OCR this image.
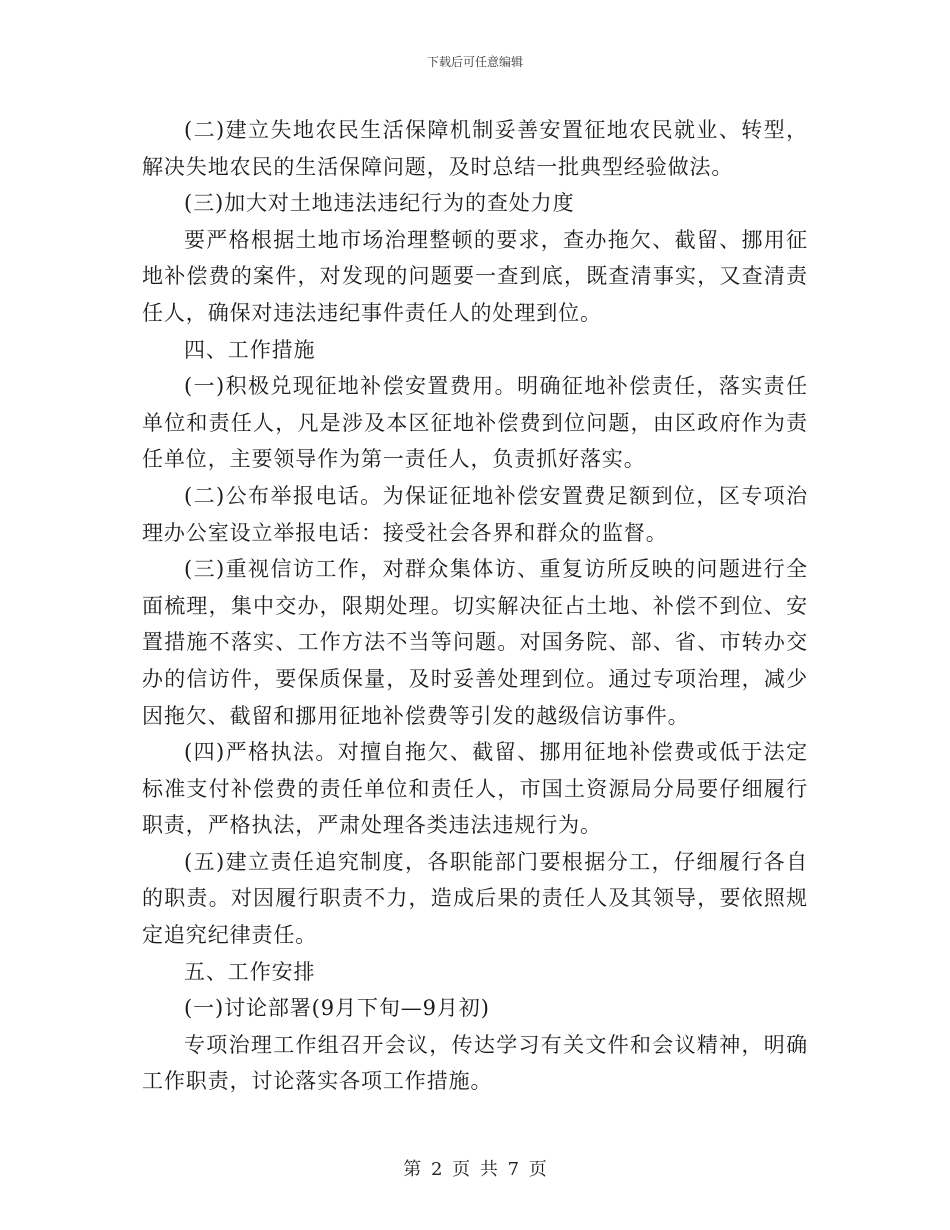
下载后可任意编辑

(二)建立失地农民生活保障机制妥善安置征地农民就业、转型，解决失地农民的生活保障问题，及时总结一批典型经验做法。

(三)加大对土地违法违纪行为的查处力度

要严格根据土地市场治理整顿的要求，查办拖欠、截留、挪用征地补偿费的案件，对发现的问题要一查到底，既查清事实，又查清责任人，确保对违法违纪事件责任人的处理到位。

四、工作措施

(一)积极兑现征地补偿安置费用。明确征地补偿责任，落实责任单位和责任人，凡是涉及本区征地补偿费到位问题，由区政府作为责任单位，主要领导作为第一责任人，负责抓好落实。

(二)公布举报电话。为保证征地补偿安置费足额到位，区专项治理办公室设立举报电话：接受社会各界和群众的监督。

(三)重视信访工作，对群众集体访、重复访所反映的问题进行全面梳理，集中交办，限期处理。切实解决征占土地、补偿不到位、安置措施不落实、工作方法不当等问题。对国务院、部、省、市转办交办的信访件，要保质保量，及时妥善处理到位。通过专项治理，减少因拖欠、截留和挪用征地补偿费等引发的越级信访事件。

(四)严格执法。对擅自拖欠、截留、挪用征地补偿费或低于法定标准支付补偿费的责任单位和责任人，市国土资源局分局要仔细履行职责，严格执法，严肃处理各类违法违规行为。

(五)建立责任追究制度，各职能部门要根据分工，仔细履行各自的职责。对因履行职责不力，造成后果的责任人及其领导，要依照规定追究纪律责任。

五、工作安排

(一)讨论部署(9月下旬—9月初)

专项治理工作组召开会议，传达学习有关文件和会议精神，明确工作职责，讨论落实各项工作措施。

第 2 页 共 7 页
